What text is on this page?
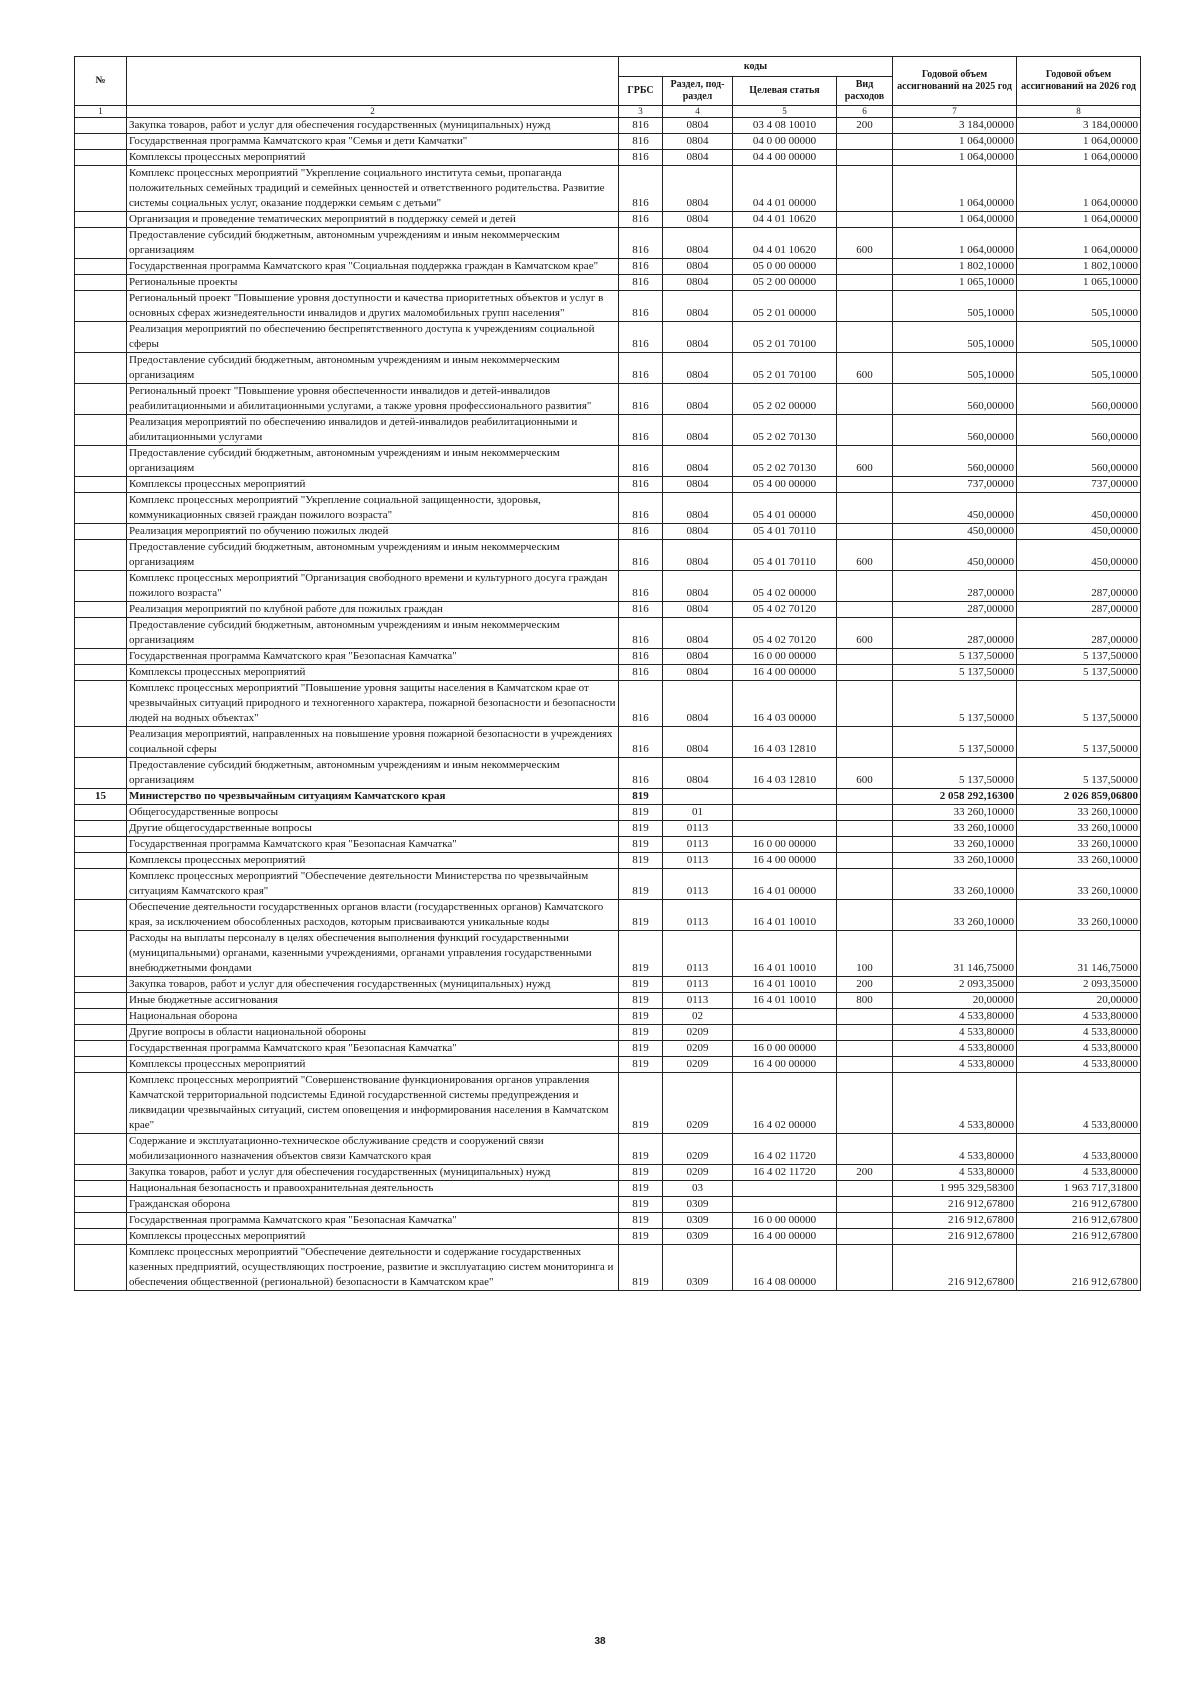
№		коды				Годовой объем ассигнований на 2025 год	Годовой объем ассигнований на 2026 год
		ГРБС	Раздел, под-раздел	Целевая статья	Вид расходов		
1	2	3	4	5	6	7	8
	Закупка товаров, работ и услуг для обеспечения государственных (муниципальных) нужд	816	0804	03 4 08 10010	200	3 184,00000	3 184,00000
	Государственная программа Камчатского края "Семья и дети Камчатки"	816	0804	04 0 00 00000		1 064,00000	1 064,00000
	Комплексы процессных мероприятий	816	0804	04 4 00 00000		1 064,00000	1 064,00000
	Комплекс процессных мероприятий "Укрепление социального института семьи, пропаганда положительных семейных традиций и семейных ценностей и ответственного родительства. Развитие системы социальных услуг, оказание поддержки семьям с детьми"	816	0804	04 4 01 00000		1 064,00000	1 064,00000
	Организация и проведение тематических мероприятий в поддержку семей и детей	816	0804	04 4 01 10620		1 064,00000	1 064,00000
	Предоставление субсидий бюджетным, автономным учреждениям и иным некоммерческим организациям	816	0804	04 4 01 10620	600	1 064,00000	1 064,00000
	Государственная программа Камчатского края "Социальная поддержка граждан в Камчатском крае"	816	0804	05 0 00 00000		1 802,10000	1 802,10000
	Региональные проекты	816	0804	05 2 00 00000		1 065,10000	1 065,10000
	Региональный проект "Повышение уровня доступности и качества приоритетных объектов и услуг в основных сферах жизнедеятельности инвалидов и других маломобильных групп населения"	816	0804	05 2 01 00000		505,10000	505,10000
	Реализация мероприятий по обеспечению беспрепятственного доступа к учреждениям социальной сферы	816	0804	05 2 01 70100		505,10000	505,10000
	Предоставление субсидий бюджетным, автономным учреждениям и иным некоммерческим организациям	816	0804	05 2 01 70100	600	505,10000	505,10000
	Региональный проект "Повышение уровня обеспеченности инвалидов и детей-инвалидов реабилитационными и абилитационными услугами, а также уровня профессионального развития"	816	0804	05 2 02 00000		560,00000	560,00000
	Реализация мероприятий по обеспечению инвалидов и детей-инвалидов реабилитационными и абилитационными услугами	816	0804	05 2 02 70130		560,00000	560,00000
	Предоставление субсидий бюджетным, автономным учреждениям и иным некоммерческим организациям	816	0804	05 2 02 70130	600	560,00000	560,00000
	Комплексы процессных мероприятий	816	0804	05 4 00 00000		737,00000	737,00000
	Комплекс процессных мероприятий "Укрепление социальной защищенности, здоровья, коммуникационных связей граждан пожилого возраста"	816	0804	05 4 01 00000		450,00000	450,00000
	Реализация мероприятий по обучению пожилых людей	816	0804	05 4 01 70110		450,00000	450,00000
	Предоставление субсидий бюджетным, автономным учреждениям и иным некоммерческим организациям	816	0804	05 4 01 70110	600	450,00000	450,00000
	Комплекс процессных мероприятий "Организация свободного времени и культурного досуга граждан пожилого возраста"	816	0804	05 4 02 00000		287,00000	287,00000
	Реализация мероприятий по клубной работе для пожилых граждан	816	0804	05 4 02 70120		287,00000	287,00000
	Предоставление субсидий бюджетным, автономным учреждениям и иным некоммерческим организациям	816	0804	05 4 02 70120	600	287,00000	287,00000
	Государственная программа Камчатского края "Безопасная Камчатка"	816	0804	16 0 00 00000		5 137,50000	5 137,50000
	Комплексы процессных мероприятий	816	0804	16 4 00 00000		5 137,50000	5 137,50000
	Комплекс процессных мероприятий "Повышение уровня защиты населения в Камчатском крае от чрезвычайных ситуаций природного и техногенного характера, пожарной безопасности и безопасности людей на водных объектах"	816	0804	16 4 03 00000		5 137,50000	5 137,50000
	Реализация мероприятий, направленных на повышение уровня пожарной безопасности в учреждениях социальной сферы	816	0804	16 4 03 12810		5 137,50000	5 137,50000
	Предоставление субсидий бюджетным, автономным учреждениям и иным некоммерческим организациям	816	0804	16 4 03 12810	600	5 137,50000	5 137,50000
15	Министерство по чрезвычайным ситуациям Камчатского края	819				2 058 292,16300	2 026 859,06800
	Общегосударственные вопросы	819	01			33 260,10000	33 260,10000
	Другие общегосударственные вопросы	819	0113			33 260,10000	33 260,10000
	Государственная программа Камчатского края "Безопасная Камчатка"	819	0113	16 0 00 00000		33 260,10000	33 260,10000
	Комплексы процессных мероприятий	819	0113	16 4 00 00000		33 260,10000	33 260,10000
	Комплекс процессных мероприятий "Обеспечение деятельности Министерства по чрезвычайным ситуациям Камчатского края"	819	0113	16 4 01 00000		33 260,10000	33 260,10000
	Обеспечение деятельности государственных органов власти (государственных органов) Камчатского края, за исключением обособленных расходов, которым присваиваются уникальные коды	819	0113	16 4 01 10010		33 260,10000	33 260,10000
	Расходы на выплаты персоналу в целях обеспечения выполнения функций государственными (муниципальными) органами, казенными учреждениями, органами управления государственными внебюджетными фондами	819	0113	16 4 01 10010	100	31 146,75000	31 146,75000
	Закупка товаров, работ и услуг для обеспечения государственных (муниципальных) нужд	819	0113	16 4 01 10010	200	2 093,35000	2 093,35000
	Иные бюджетные ассигнования	819	0113	16 4 01 10010	800	20,00000	20,00000
	Национальная оборона	819	02			4 533,80000	4 533,80000
	Другие вопросы в области национальной обороны	819	0209			4 533,80000	4 533,80000
	Государственная программа Камчатского края "Безопасная Камчатка"	819	0209	16 0 00 00000		4 533,80000	4 533,80000
	Комплексы процессных мероприятий	819	0209	16 4 00 00000		4 533,80000	4 533,80000
	Комплекс процессных мероприятий "Совершенствование функционирования органов управления Камчатской территориальной подсистемы Единой государственной системы предупреждения и ликвидации чрезвычайных ситуаций, систем оповещения и информирования населения в Камчатском крае"	819	0209	16 4 02 00000		4 533,80000	4 533,80000
	Содержание и эксплуатационно-техническое обслуживание средств и сооружений связи мобилизационного назначения объектов связи Камчатского края	819	0209	16 4 02 11720		4 533,80000	4 533,80000
	Закупка товаров, работ и услуг для обеспечения государственных (муниципальных) нужд	819	0209	16 4 02 11720	200	4 533,80000	4 533,80000
	Национальная безопасность и правоохранительная деятельность	819	03			1 995 329,58300	1 963 717,31800
	Гражданская оборона	819	0309			216 912,67800	216 912,67800
	Государственная программа Камчатского края "Безопасная Камчатка"	819	0309	16 0 00 00000		216 912,67800	216 912,67800
	Комплексы процессных мероприятий	819	0309	16 4 00 00000		216 912,67800	216 912,67800
	Комплекс процессных мероприятий "Обеспечение деятельности и содержание государственных казенных предприятий, осуществляющих построение, развитие и эксплуатацию систем мониторинга и обеспечения общественной (региональной) безопасности в Камчатском крае"	819	0309	16 4 08 00000		216 912,67800	216 912,67800
38
